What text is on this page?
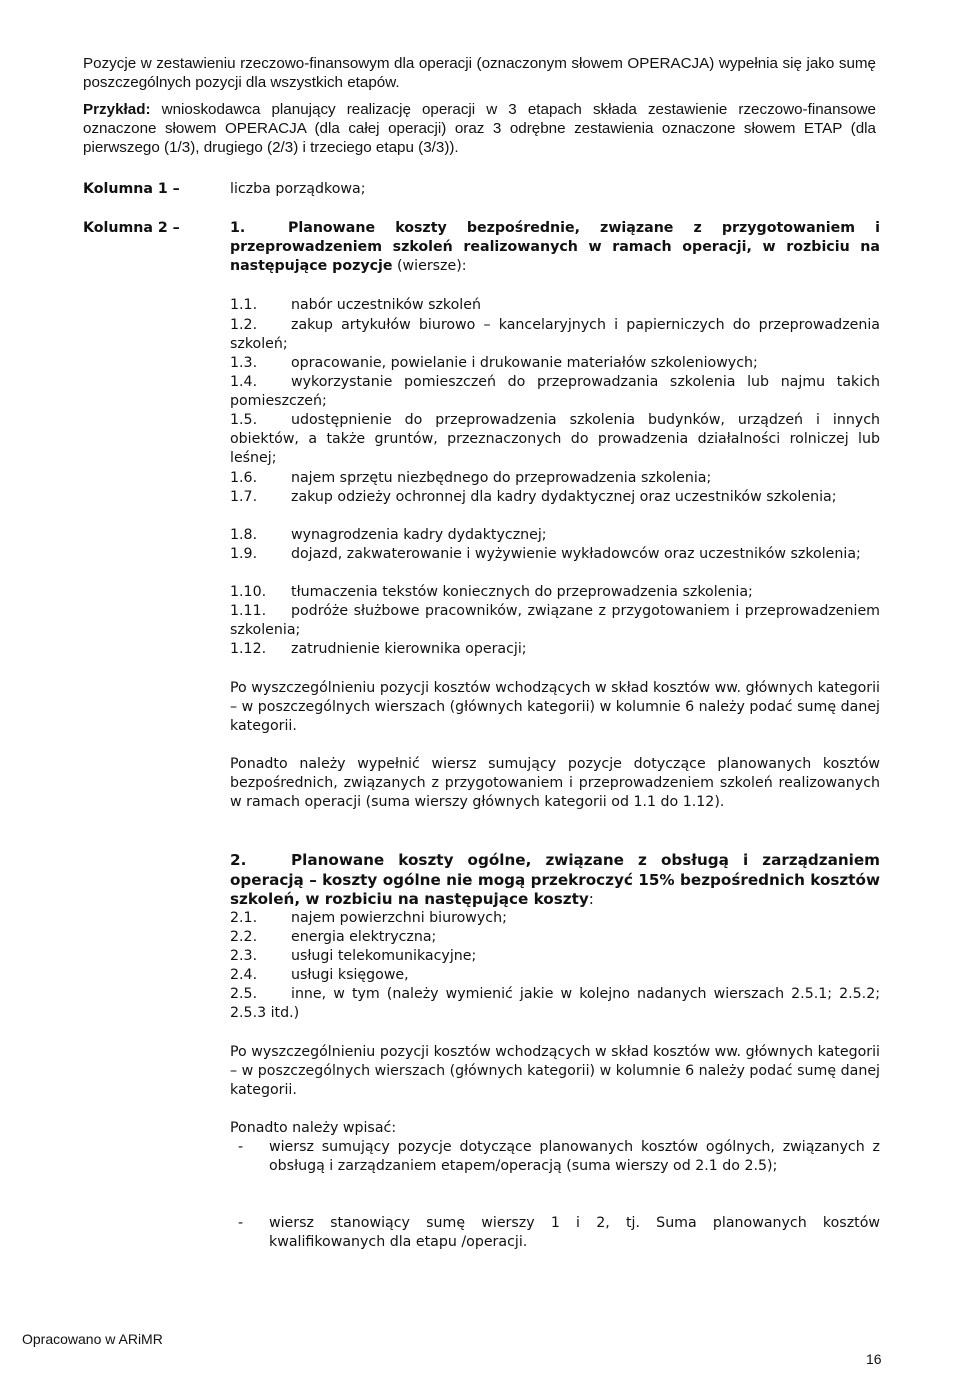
Pozycje w zestawieniu rzeczowo-finansowym dla operacji (oznaczonym słowem OPERACJA) wypełnia się jako sumę poszczególnych pozycji dla wszystkich etapów.
Przykład: wnioskodawca planujący realizację operacji w 3 etapach składa zestawienie rzeczowo-finansowe oznaczone słowem OPERACJA (dla całej operacji) oraz 3 odrębne zestawienia oznaczone słowem ETAP (dla pierwszego (1/3), drugiego (2/3) i trzeciego etapu (3/3)).
Kolumna 1 –	liczba porządkowa;
Kolumna 2 –	1.	Planowane koszty bezpośrednie, związane z przygotowaniem i przeprowadzeniem szkoleń realizowanych w ramach operacji, w rozbiciu na następujące pozycje (wiersze):
1.1. nabór uczestników szkoleń
1.2. zakup artykułów biurowo – kancelaryjnych i papierniczych do przeprowadzenia szkoleń;
1.3. opracowanie, powielanie i drukowanie materiałów szkoleniowych;
1.4. wykorzystanie pomieszczeń do przeprowadzania szkolenia lub najmu takich pomieszczeń;
1.5. udostępnienie do przeprowadzenia szkolenia budynków, urządzeń i innych obiektów, a także gruntów, przeznaczonych do prowadzenia działalności rolniczej lub leśnej;
1.6. najem sprzętu niezbędnego do przeprowadzenia szkolenia;
1.7. zakup odzieży ochronnej dla kadry dydaktycznej oraz uczestników szkolenia;
1.8. wynagrodzenia kadry dydaktycznej;
1.9. dojazd, zakwaterowanie i wyżywienie wykładowców oraz uczestników szkolenia;
1.10. tłumaczenia tekstów koniecznych do przeprowadzenia szkolenia;
1.11. podróże służbowe pracowników, związane z przygotowaniem i przeprowadzeniem szkolenia;
1.12. zatrudnienie kierownika operacji;
Po wyszczególnieniu pozycji kosztów wchodzących w skład kosztów ww. głównych kategorii – w poszczególnych wierszach (głównych kategorii) w kolumnie 6 należy podać sumę danej kategorii.
Ponadto należy wypełnić wiersz sumujący pozycje dotyczące planowanych kosztów bezpośrednich, związanych z przygotowaniem i przeprowadzeniem szkoleń realizowanych w ramach operacji (suma wierszy głównych kategorii od 1.1 do 1.12).
2.	Planowane koszty ogólne, związane z obsługą i zarządzaniem operacją – koszty ogólne nie mogą przekroczyć 15% bezpośrednich kosztów szkoleń, w rozbiciu na następujące koszty:
2.1. najem powierzchni biurowych;
2.2. energia elektryczna;
2.3. usługi telekomunikacyjne;
2.4. usługi księgowe,
2.5. inne, w tym (należy wymienić jakie w kolejno nadanych wierszach 2.5.1; 2.5.2; 2.5.3 itd.)
Po wyszczególnieniu pozycji kosztów wchodzących w skład kosztów ww. głównych kategorii – w poszczególnych wierszach (głównych kategorii) w kolumnie 6 należy podać sumę danej kategorii.
Ponadto należy wpisać:
- wiersz sumujący pozycje dotyczące planowanych kosztów ogólnych, związanych z obsługą i zarządzaniem etapem/operacją (suma wierszy od 2.1 do 2.5);
- wiersz stanowiący sumę wierszy 1 i 2, tj. Suma planowanych kosztów kwalifikowanych dla etapu /operacji.
Opracowano w ARiMR
16
